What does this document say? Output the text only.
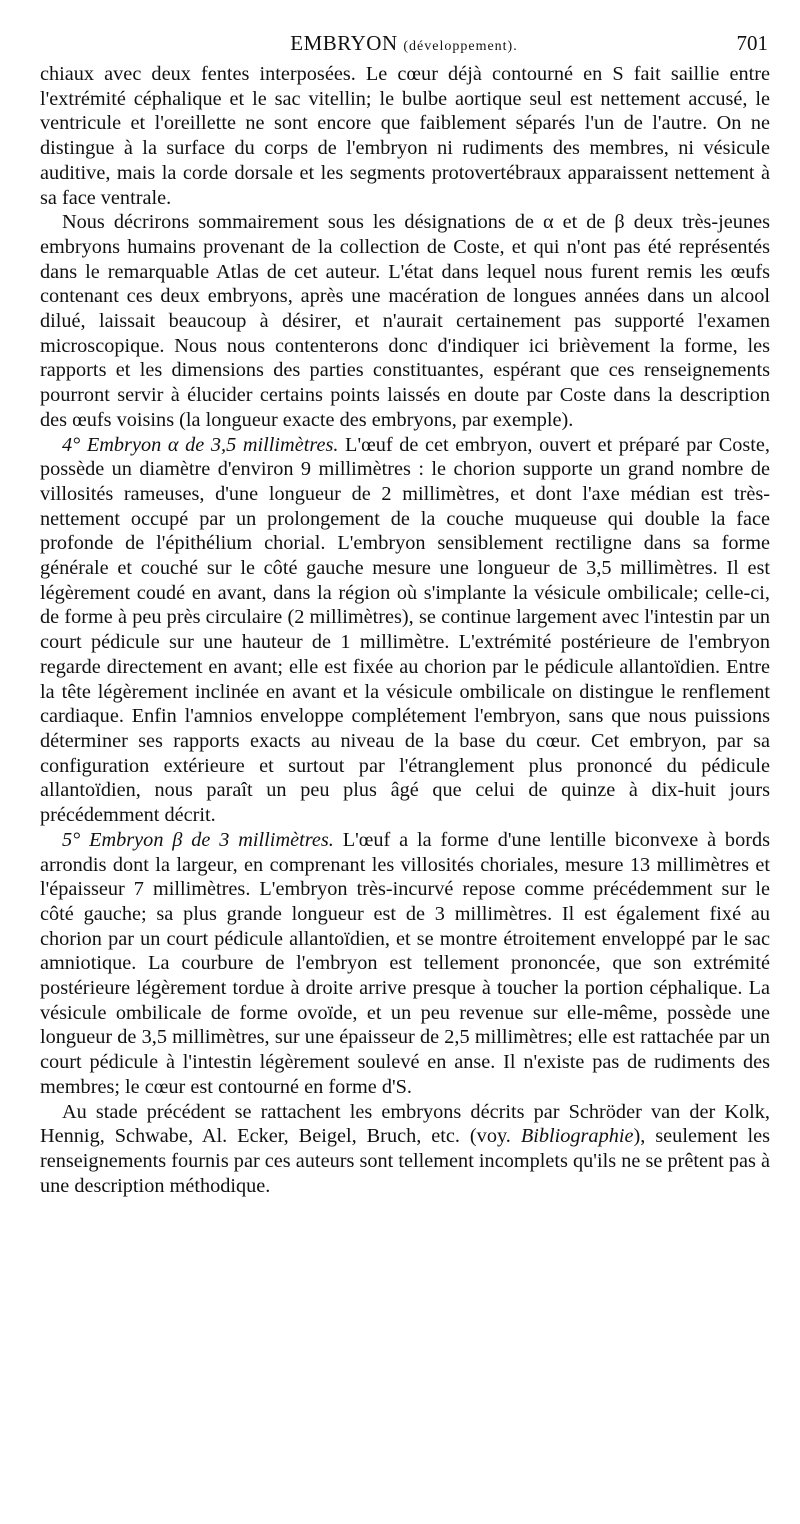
EMBRYON (développement).	701

chiaux avec deux fentes interposées. Le cœur déjà contourné en S fait saillie entre l'extrémité céphalique et le sac vitellin; le bulbe aortique seul est nettement accusé, le ventricule et l'oreillette ne sont encore que faiblement séparés l'un de l'autre. On ne distingue à la surface du corps de l'embryon ni rudiments des membres, ni vésicule auditive, mais la corde dorsale et les segments protovertébraux apparaissent nettement à sa face ventrale.

Nous décrirons sommairement sous les désignations de α et de β deux très-jeunes embryons humains provenant de la collection de Coste, et qui n'ont pas été représentés dans le remarquable Atlas de cet auteur. L'état dans lequel nous furent remis les œufs contenant ces deux embryons, après une macération de longues années dans un alcool dilué, laissait beaucoup à désirer, et n'aurait certainement pas supporté l'examen microscopique. Nous nous contenterons donc d'indiquer ici brièvement la forme, les rapports et les dimensions des parties constituantes, espérant que ces renseignements pourront servir à élucider certains points laissés en doute par Coste dans la description des œufs voisins (la longueur exacte des embryons, par exemple).

4° Embryon α de 3,5 millimètres. L'œuf de cet embryon, ouvert et préparé par Coste, possède un diamètre d'environ 9 millimètres : le chorion supporte un grand nombre de villosités rameuses, d'une longueur de 2 millimètres, et dont l'axe médian est très-nettement occupé par un prolongement de la couche muqueuse qui double la face profonde de l'épithélium chorial. L'embryon sensiblement rectiligne dans sa forme générale et couché sur le côté gauche mesure une longueur de 3,5 millimètres. Il est légèrement coudé en avant, dans la région où s'implante la vésicule ombilicale; celle-ci, de forme à peu près circulaire (2 millimètres), se continue largement avec l'intestin par un court pédicule sur une hauteur de 1 millimètre. L'extrémité postérieure de l'embryon regarde directement en avant; elle est fixée au chorion par le pédicule allantoïdien. Entre la tête légèrement inclinée en avant et la vésicule ombilicale on distingue le renflement cardiaque. Enfin l'amnios enveloppe complétement l'embryon, sans que nous puissions déterminer ses rapports exacts au niveau de la base du cœur. Cet embryon, par sa configuration extérieure et surtout par l'étranglement plus prononcé du pédicule allantoïdien, nous paraît un peu plus âgé que celui de quinze à dix-huit jours précédemment décrit.

5° Embryon β de 3 millimètres. L'œuf a la forme d'une lentille biconvexe à bords arrondis dont la largeur, en comprenant les villosités choriales, mesure 13 millimètres et l'épaisseur 7 millimètres. L'embryon très-incurvé repose comme précédemment sur le côté gauche; sa plus grande longueur est de 3 millimètres. Il est également fixé au chorion par un court pédicule allantoïdien, et se montre étroitement enveloppé par le sac amniotique. La courbure de l'embryon est tellement prononcée, que son extrémité postérieure légèrement tordue à droite arrive presque à toucher la portion céphalique. La vésicule ombilicale de forme ovoïde, et un peu revenue sur elle-même, possède une longueur de 3,5 millimètres, sur une épaisseur de 2,5 millimètres; elle est rattachée par un court pédicule à l'intestin légèrement soulevé en anse. Il n'existe pas de rudiments des membres; le cœur est contourné en forme d'S.

Au stade précédent se rattachent les embryons décrits par Schröder van der Kolk, Hennig, Schwabe, Al. Ecker, Beigel, Bruch, etc. (voy. Bibliographie), seulement les renseignements fournis par ces auteurs sont tellement incomplets qu'ils ne se prêtent pas à une description méthodique.
